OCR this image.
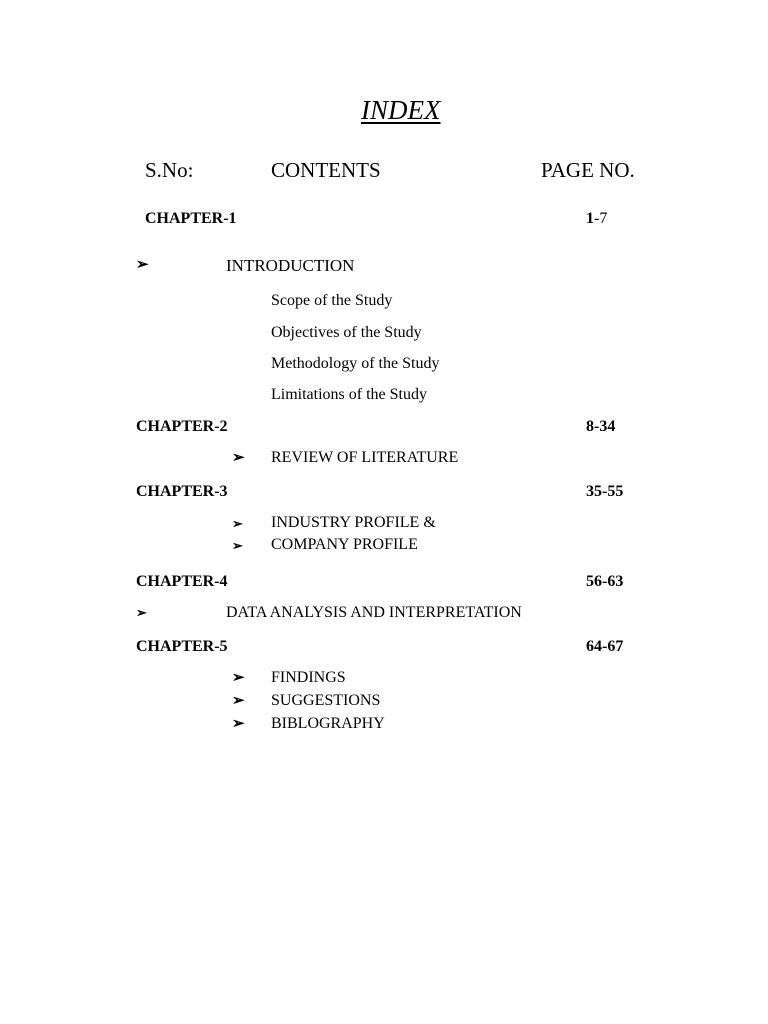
INDEX
S.No:	CONTENTS	PAGE NO.
CHAPTER-1	1-7
➢	INTRODUCTION
Scope of the Study
Objectives of the Study
Methodology of the Study
Limitations of the Study
CHAPTER-2	8-34
➢ REVIEW OF LITERATURE
CHAPTER-3	35-55
➢ INDUSTRY PROFILE &
➢ COMPANY PROFILE
CHAPTER-4	56-63
➢	DATA ANALYSIS AND INTERPRETATION
CHAPTER-5	64-67
➢ FINDINGS
➢ SUGGESTIONS
➢ BIBLOGRAPHY
